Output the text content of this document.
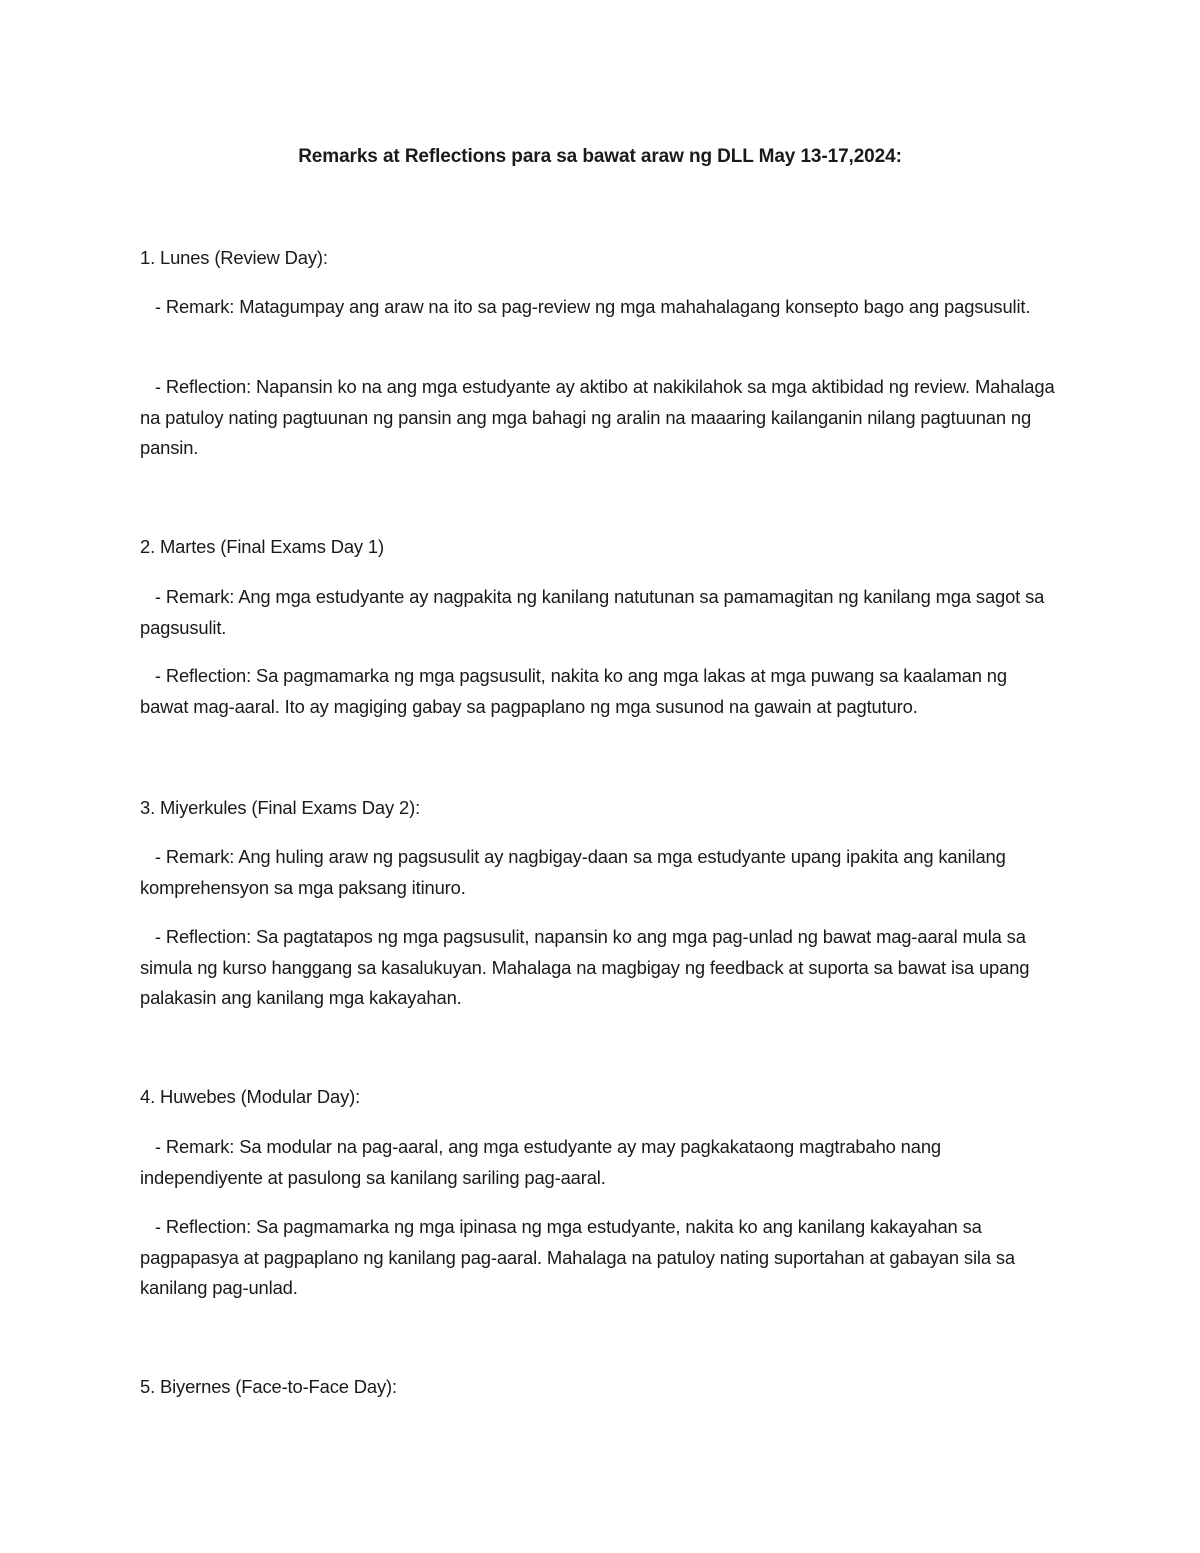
Remarks at Reflections para sa bawat araw ng DLL May 13-17,2024:

1. Lunes (Review Day):

- Remark: Matagumpay ang araw na ito sa pag-review ng mga mahahalagang konsepto bago ang pagsusulit.

- Reflection: Napansin ko na ang mga estudyante ay aktibo at nakikilahok sa mga aktibidad ng review. Mahalaga na patuloy nating pagtuunan ng pansin ang mga bahagi ng aralin na maaaring kailanganin nilang pagtuunan ng pansin.

2. Martes (Final Exams Day 1)

- Remark: Ang mga estudyante ay nagpakita ng kanilang natutunan sa pamamagitan ng kanilang mga sagot sa pagsusulit.

- Reflection: Sa pagmamarka ng mga pagsusulit, nakita ko ang mga lakas at mga puwang sa kaalaman ng bawat mag-aaral. Ito ay magiging gabay sa pagpaplano ng mga susunod na gawain at pagtuturo.

3. Miyerkules (Final Exams Day 2):

- Remark: Ang huling araw ng pagsusulit ay nagbigay-daan sa mga estudyante upang ipakita ang kanilang komprehensyon sa mga paksang itinuro.

- Reflection: Sa pagtatapos ng mga pagsusulit, napansin ko ang mga pag-unlad ng bawat mag-aaral mula sa simula ng kurso hanggang sa kasalukuyan. Mahalaga na magbigay ng feedback at suporta sa bawat isa upang palakasin ang kanilang mga kakayahan.

4. Huwebes (Modular Day):

- Remark: Sa modular na pag-aaral, ang mga estudyante ay may pagkakataong magtrabaho nang independiyente at pasulong sa kanilang sariling pag-aaral.

- Reflection: Sa pagmamarka ng mga ipinasa ng mga estudyante, nakita ko ang kanilang kakayahan sa pagpapasya at pagpaplano ng kanilang pag-aaral. Mahalaga na patuloy nating suportahan at gabayan sila sa kanilang pag-unlad.

5. Biyernes (Face-to-Face Day):
